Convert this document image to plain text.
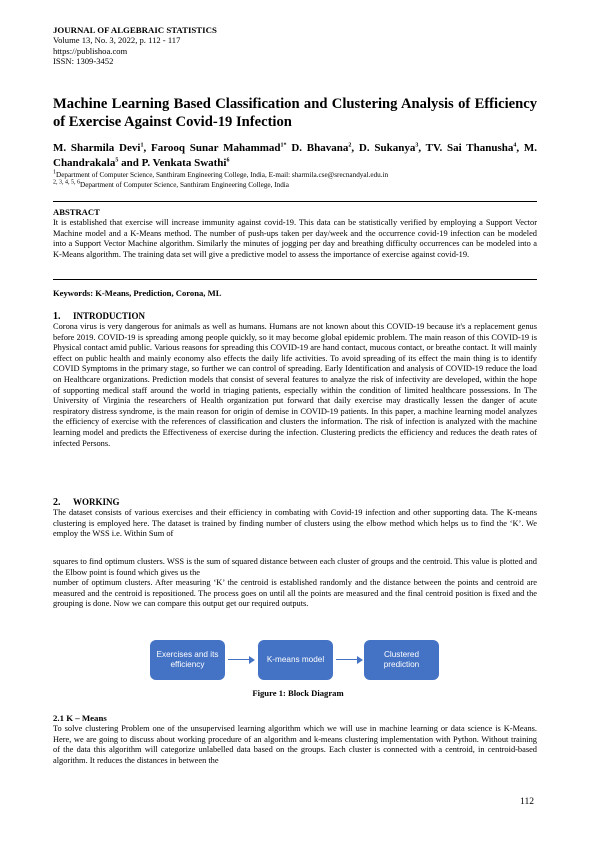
JOURNAL OF ALGEBRAIC STATISTICS
Volume 13, No. 3, 2022, p. 112 - 117
https://publishoa.com
ISSN: 1309-3452
Machine Learning Based Classification and Clustering Analysis of Efficiency of Exercise Against Covid-19 Infection
M. Sharmila Devi$^1$, Farooq Sunar Mahammad$^{1*}$ D. Bhavana$^2$, D. Sukanya$^3$, TV. Sai Thanusha$^4$, M. Chandrakala$^5$ and P. Venkata Swathi$^6$
$^1$Department of Computer Science, Santhiram Engineering College, India, E-mail: sharmila.cse@srecnandyal.edu.in
$^{2, 3, 4, 5, 6}$Department of Computer Science, Santhiram Engineering College, India
ABSTRACT

It is established that exercise will increase immunity against covid-19. This data can be statistically verified by employing a Support Vector Machine model and a K-Means method. The number of push-ups taken per day/week and the occurrence covid-19 infection can be modeled into a Support Vector Machine algorithm. Similarly the minutes of jogging per day and breathing difficulty occurrences can be modeled into a K-Means algorithm. The training data set will give a predictive model to assess the importance of exercise against covid-19.

Keywords: K-Means, Prediction, Corona, ML
1. INTRODUCTION

Corona virus is very dangerous for animals as well as humans. Humans are not known about this COVID-19 because it's a replacement genus before 2019. COVID-19 is spreading among people quickly, so it may become global epidemic problem. The main reason of this COVID-19 is Physical contact amid public. Various reasons for spreading this COVID-19 are hand contact, mucous contact, or breathe contact. It will mainly effect on public health and mainly economy also effects the daily life activities. To avoid spreading of its effect the main thing is to identify COVID Symptoms in the primary stage, so further we can control of spreading. Early Identification and analysis of COVID-19 reduce the load on Healthcare organizations. Prediction models that consist of several features to analyze the risk of infectivity are developed, within the hope of supporting medical staff around the world in triaging patients, especially within the condition of limited healthcare possessions. In The University of Virginia the researchers of Health organization put forward that daily exercise may drastically lessen the danger of acute respiratory distress syndrome, is the main reason for origin of demise in COVID-19 patients. In this paper, a machine learning model analyzes the efficiency of exercise with the references of classification and clusters the information. The risk of infection is analyzed with the machine learning model and predicts the Effectiveness of exercise during the infection. Clustering predicts the efficiency and reduces the death rates of infected Persons.

2. WORKING

The dataset consists of various exercises and their efficiency in combating with Covid-19 infection and other supporting data. The K-means clustering is employed here. The dataset is trained by finding number of clusters using the elbow method which helps us to find the ‘K’. We employ the WSS i.e. Within Sum of

squares to find optimum clusters. WSS is the sum of squared distance between each cluster of groups and the centroid. This value is plotted and the Elbow point is found which gives us the

number of optimum clusters. After measuring ‘K’ the centroid is established randomly and the distance between the points and centroid are measured and the centroid is repositioned. The process goes on until all the points are measured and the final centroid position is fixed and the grouping is done. Now we can compare this output get our required outputs.

Exercises and its efficiency
K-means model
Clustered prediction
Figure 1: Block Diagram
2.1 K – Means

To solve clustering Problem one of the unsupervised learning algorithm which we will use in machine learning or data science is K-Means. Here, we are going to discuss about working procedure of an algorithm and k-means clustering implementation with Python. Without training of the data this algorithm will categorize unlabelled data based on the groups. Each cluster is connected with a centroid, in centroid-based algorithm. It reduces the distances in between the

112
